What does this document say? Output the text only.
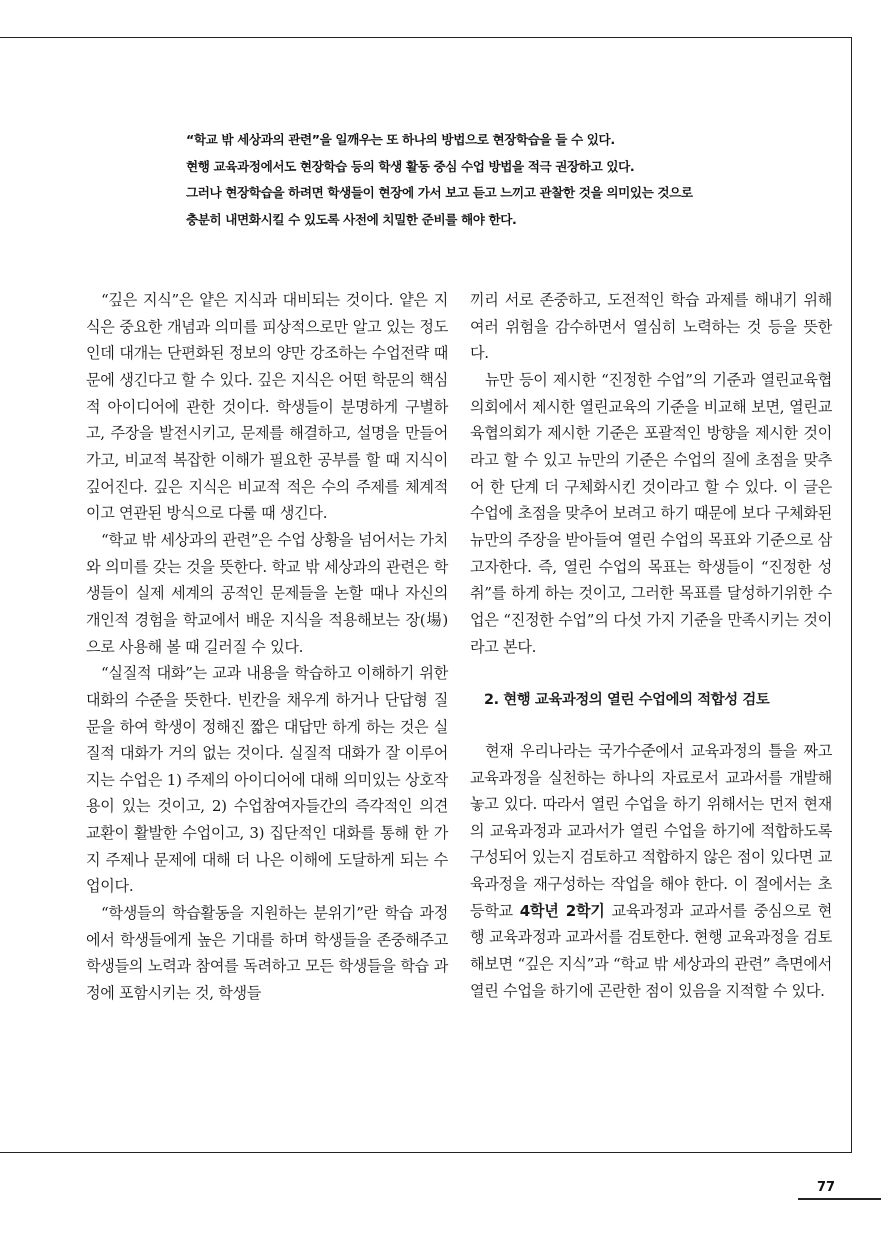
“학교 밖 세상과의 관련”을 일깨우는 또 하나의 방법으로 현장학습을 들 수 있다.
현행 교육과정에서도 현장학습 등의 학생 활동 중심 수업 방법을 적극 권장하고 있다.
그러나 현장학습을 하려면 학생들이 현장에 가서 보고 듣고 느끼고 관찰한 것을 의미있는 것으로
충분히 내면화시킬 수 있도록 사전에 치밀한 준비를 해야 한다.

“깊은 지식”은 얕은 지식과 대비되는 것이다. 얕은 지식은 중요한 개념과 의미를 피상적으로만 알고 있는 정도인데 대개는 단편화된 정보의 양만 강조하는 수업전략 때문에 생긴다고 할 수 있다. 깊은 지식은 어떤 학문의 핵심적 아이디어에 관한 것이다. 학생들이 분명하게 구별하고, 주장을 발전시키고, 문제를 해결하고, 설명을 만들어가고, 비교적 복잡한 이해가 필요한 공부를 할 때 지식이 깊어진다. 깊은 지식은 비교적 적은 수의 주제를 체계적이고 연관된 방식으로 다룰 때 생긴다.

“학교 밖 세상과의 관련”은 수업 상황을 넘어서는 가치와 의미를 갖는 것을 뜻한다. 학교 밖 세상과의 관련은 학생들이 실제 세계의 공적인 문제들을 논할 때나 자신의 개인적 경험을 학교에서 배운 지식을 적용해보는 장(場)으로 사용해 볼 때 길러질 수 있다.

“실질적 대화”는 교과 내용을 학습하고 이해하기 위한 대화의 수준을 뜻한다. 빈칸을 채우게 하거나 단답형 질문을 하여 학생이 정해진 짧은 대답만 하게 하는 것은 실질적 대화가 거의 없는 것이다. 실질적 대화가 잘 이루어지는 수업은 1) 주제의 아이디어에 대해 의미있는 상호작용이 있는 것이고, 2) 수업참여자들간의 즉각적인 의견 교환이 활발한 수업이고, 3) 집단적인 대화를 통해 한 가지 주제나 문제에 대해 더 나은 이해에 도달하게 되는 수업이다.

“학생들의 학습활동을 지원하는 분위기”란 학습 과정에서 학생들에게 높은 기대를 하며 학생들을 존중해주고 학생들의 노력과 참여를 독려하고 모든 학생들을 학습 과정에 포함시키는 것, 학생들

끼리 서로 존중하고, 도전적인 학습 과제를 해내기 위해 여러 위험을 감수하면서 열심히 노력하는 것 등을 뜻한다.

뉴만 등이 제시한 “진정한 수업”의 기준과 열린교육협의회에서 제시한 열린교육의 기준을 비교해 보면, 열린교육협의회가 제시한 기준은 포괄적인 방향을 제시한 것이라고 할 수 있고 뉴만의 기준은 수업의 질에 초점을 맞추어 한 단계 더 구체화시킨 것이라고 할 수 있다. 이 글은 수업에 초점을 맞추어 보려고 하기 때문에 보다 구체화된 뉴만의 주장을 받아들여 열린 수업의 목표와 기준으로 삼고자한다. 즉, 열린 수업의 목표는 학생들이 “진정한 성취”를 하게 하는 것이고, 그러한 목표를 달성하기위한 수업은 “진정한 수업”의 다섯 가지 기준을 만족시키는 것이라고 본다.

2. 현행 교육과정의 열린 수업에의 적합성 검토

현재 우리나라는 국가수준에서 교육과정의 틀을 짜고 교육과정을 실천하는 하나의 자료로서 교과서를 개발해 놓고 있다. 따라서 열린 수업을 하기 위해서는 먼저 현재의 교육과정과 교과서가 열린 수업을 하기에 적합하도록 구성되어 있는지 검토하고 적합하지 않은 점이 있다면 교육과정을 재구성하는 작업을 해야 한다. 이 절에서는 초등학교 4학년 2학기 교육과정과 교과서를 중심으로 현행 교육과정과 교과서를 검토한다. 현행 교육과정을 검토해보면 “깊은 지식”과 “학교 밖 세상과의 관련” 측면에서 열린 수업을 하기에 곤란한 점이 있음을 지적할 수 있다.

77
